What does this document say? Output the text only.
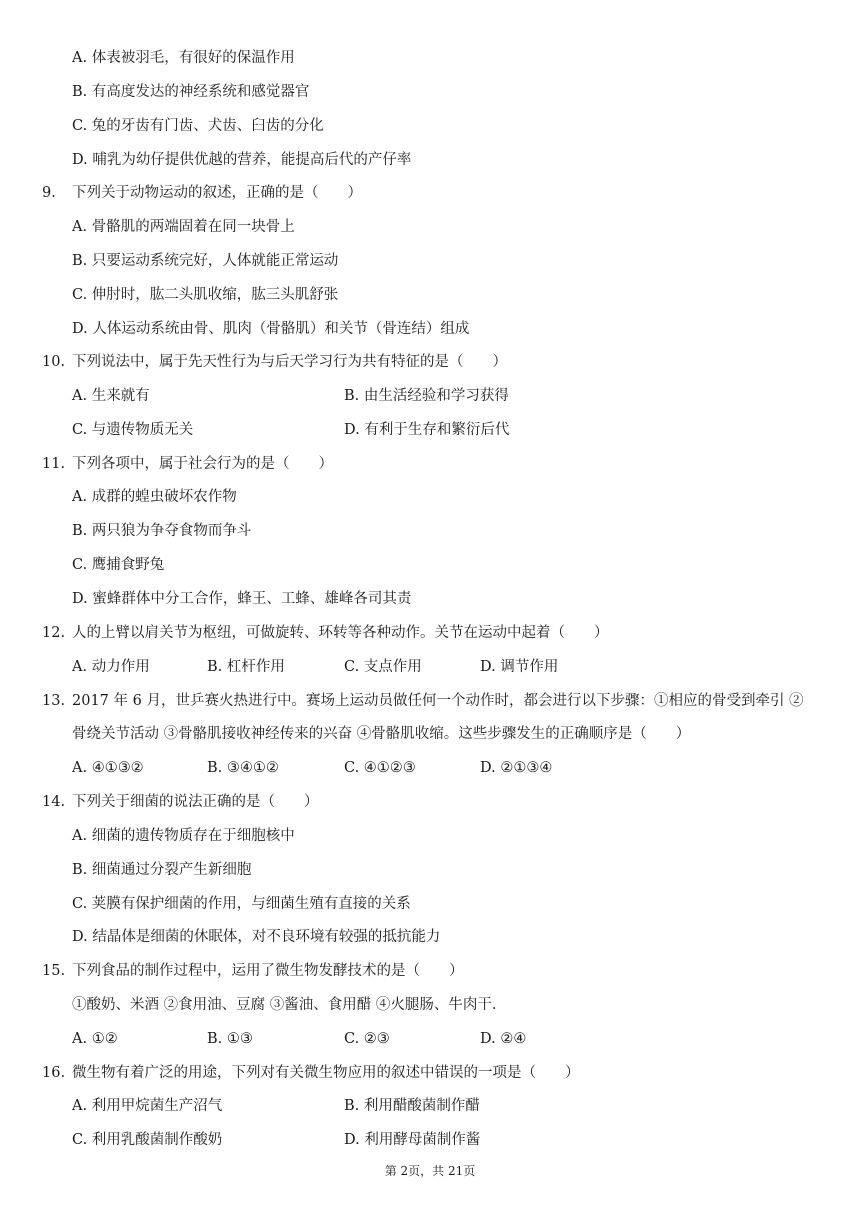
A. 体表被羽毛，有很好的保温作用
B. 有高度发达的神经系统和感觉器官
C. 兔的牙齿有门齿、犬齿、臼齿的分化
D. 哺乳为幼仔提供优越的营养，能提高后代的产仔率
9. 下列关于动物运动的叙述，正确的是（　　）
A. 骨骼肌的两端固着在同一块骨上
B. 只要运动系统完好，人体就能正常运动
C. 伸肘时，肱二头肌收缩，肱三头肌舒张
D. 人体运动系统由骨、肌肉（骨骼肌）和关节（骨连结）组成
10. 下列说法中，属于先天性行为与后天学习行为共有特征的是（　　）
A. 生来就有	B. 由生活经验和学习获得
C. 与遗传物质无关	D. 有利于生存和繁衍后代
11. 下列各项中，属于社会行为的是（　　）
A. 成群的蝗虫破坏农作物
B. 两只狼为争夺食物而争斗
C. 鹰捕食野兔
D. 蜜蜂群体中分工合作，蜂王、工蜂、雄峰各司其责
12. 人的上臂以肩关节为枢纽，可做旋转、环转等各种动作。关节在运动中起着（　　）
A. 动力作用	B. 杠杆作用	C. 支点作用	D. 调节作用
13. 2017 年 6 月，世乒赛火热进行中。赛场上运动员做任何一个动作时，都会进行以下步骤：①相应的骨受到牵引 ②
骨绕关节活动 ③骨骼肌接收神经传来的兴奋 ④骨骼肌收缩。这些步骤发生的正确顺序是（　　）
A. ④①③②	B. ③④①②	C. ④①②③	D. ②①③④
14. 下列关于细菌的说法正确的是（　　）
A. 细菌的遗传物质存在于细胞核中
B. 细菌通过分裂产生新细胞
C. 荚膜有保护细菌的作用，与细菌生殖有直接的关系
D. 结晶体是细菌的休眠体，对不良环境有较强的抵抗能力
15. 下列食品的制作过程中，运用了微生物发酵技术的是（　　）
①酸奶、米酒 ②食用油、豆腐 ③酱油、食用醋 ④火腿肠、牛肉干.
A. ①②	B. ①③	C. ②③	D. ②④
16. 微生物有着广泛的用途，下列对有关微生物应用的叙述中错误的一项是（　　）
A. 利用甲烷菌生产沼气	B. 利用醋酸菌制作醋
C. 利用乳酸菌制作酸奶	D. 利用酵母菌制作酱
第 2页，共 21页
